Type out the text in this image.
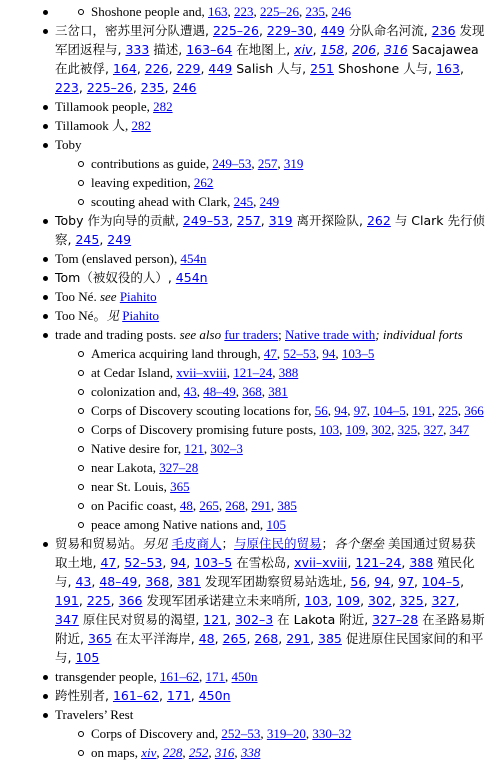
Shoshone people and, 163, 223, 225–26, 235, 246
三岔口，密苏里河分队遭遇, 225–26, 229–30, 449 分队命名河流, 236 发现军团返程与, 333 描述, 163–64 在地图上, xiv, 158, 206, 316 Sacajawea 在此被俘, 164, 226, 229, 449 Salish 人与, 251 Shoshone 人与, 163, 223, 225–26, 235, 246
Tillamook people, 282
Tillamook 人, 282
Toby
contributions as guide, 249–53, 257, 319
leaving expedition, 262
scouting ahead with Clark, 245, 249
Toby 作为向导的贡献, 249–53, 257, 319 离开探险队, 262 与 Clark 先行侦察, 245, 249
Tom (enslaved person), 454n
Tom（被奴役的人）, 454n
Too Né. see Piahito
Too Né。见 Piahito
trade and trading posts. see also fur traders; Native trade with; individual forts
America acquiring land through, 47, 52–53, 94, 103–5
at Cedar Island, xvii–xviii, 121–24, 388
colonization and, 43, 48–49, 368, 381
Corps of Discovery scouting locations for, 56, 94, 97, 104–5, 191, 225, 366
Corps of Discovery promising future posts, 103, 109, 302, 325, 327, 347
Native desire for, 121, 302–3
near Lakota, 327–28
near St. Louis, 365
on Pacific coast, 48, 265, 268, 291, 385
peace among Native nations and, 105
贸易和贸易站。另见 毛皮商人；与原住民的贸易；各个堡垒 美国通过贸易获取土地, 47, 52–53, 94, 103–5 在雪松岛, xvii–xviii, 121–24, 388 殖民化与, 43, 48–49, 368, 381 发现军团勘察贸易站选址, 56, 94, 97, 104–5, 191, 225, 366 发现军团承诺建立未来哨所, 103, 109, 302, 325, 327, 347 原住民对贸易的渴望, 121, 302–3 在 Lakota 附近, 327–28 在圣路易斯附近, 365 在太平洋海岸, 48, 265, 268, 291, 385 促进原住民国家间的和平与, 105
transgender people, 161–62, 171, 450n
跨性别者, 161–62, 171, 450n
Travelers’ Rest
Corps of Discovery and, 252–53, 319–20, 330–32
on maps, xiv, 228, 252, 316, 338
